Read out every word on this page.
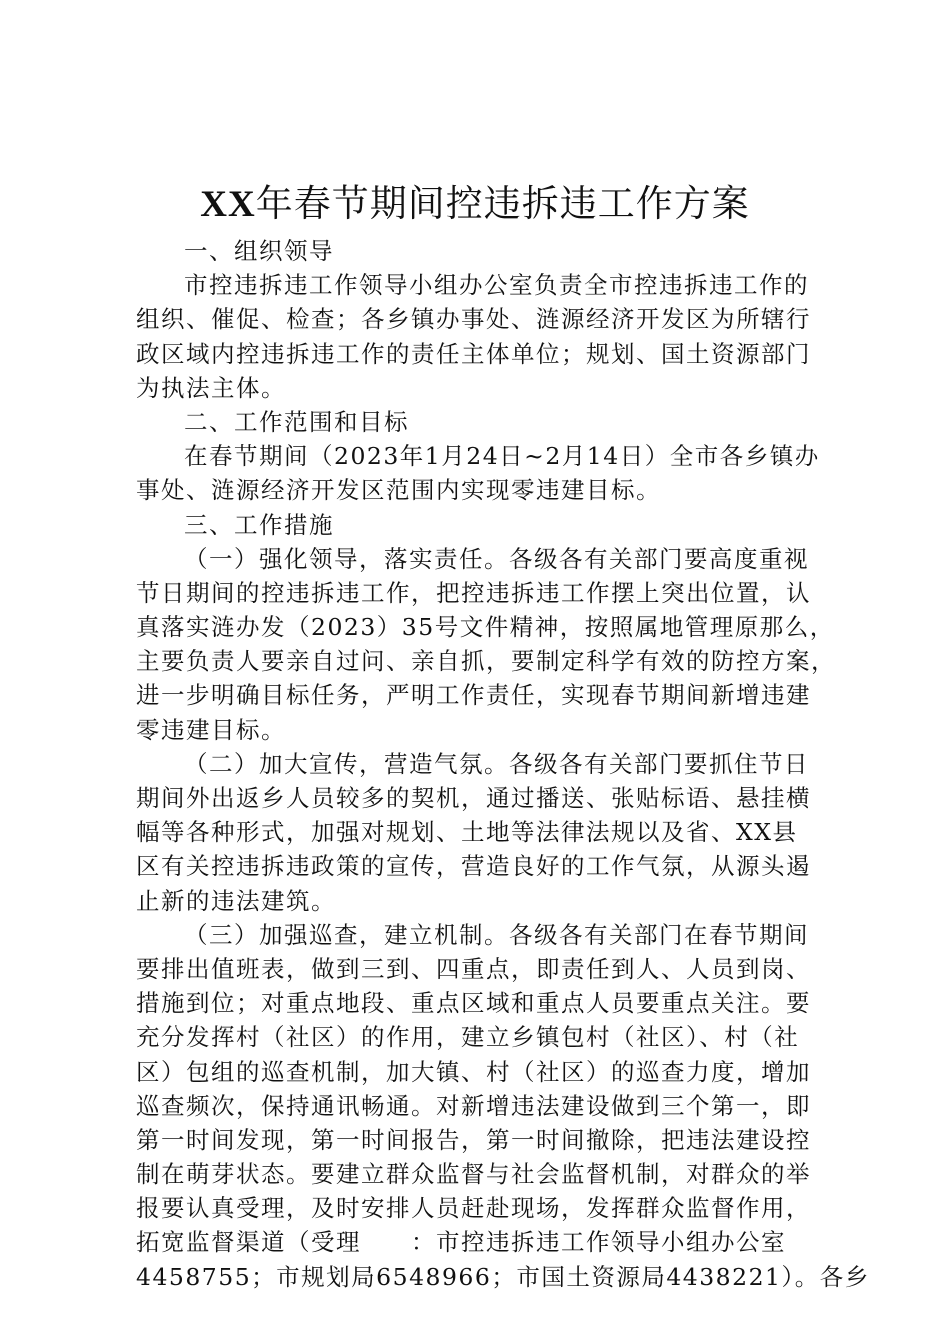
XX年春节期间控违拆违工作方案
一、组织领导
市控违拆违工作领导小组办公室负责全市控违拆违工作的
组织、催促、检查；各乡镇办事处、涟源经济开发区为所辖行
政区域内控违拆违工作的责任主体单位；规划、国土资源部门
为执法主体。
二、工作范围和目标
在春节期间（2023年1月24日~2月14日）全市各乡镇办
事处、涟源经济开发区范围内实现零违建目标。
三、工作措施
（一）强化领导，落实责任。各级各有关部门要高度重视
节日期间的控违拆违工作，把控违拆违工作摆上突出位置，认
真落实涟办发（2023）35号文件精神，按照属地管理原那么，
主要负责人要亲自过问、亲自抓，要制定科学有效的防控方案，
进一步明确目标任务，严明工作责任，实现春节期间新增违建
零违建目标。
（二）加大宣传，营造气氛。各级各有关部门要抓住节日
期间外出返乡人员较多的契机，通过播送、张贴标语、悬挂横
幅等各种形式，加强对规划、土地等法律法规以及省、XX县
区有关控违拆违政策的宣传，营造良好的工作气氛，从源头遏
止新的违法建筑。
（三）加强巡查，建立机制。各级各有关部门在春节期间
要排出值班表，做到三到、四重点，即责任到人、人员到岗、
措施到位；对重点地段、重点区域和重点人员要重点关注。要
充分发挥村（社区）的作用，建立乡镇包村（社区）、村（社
区）包组的巡查机制，加大镇、村（社区）的巡查力度，增加
巡查频次，保持通讯畅通。对新增违法建设做到三个第一，即
第一时间发现，第一时间报告，第一时间撤除，把违法建设控
制在萌芽状态。要建立群众监督与社会监督机制，对群众的举
报要认真受理，及时安排人员赶赴现场，发挥群众监督作用，
拓宽监督渠道（受理　　：市控违拆违工作领导小组办公室
4458755；市规划局6548966；市国土资源局4438221）。各乡
